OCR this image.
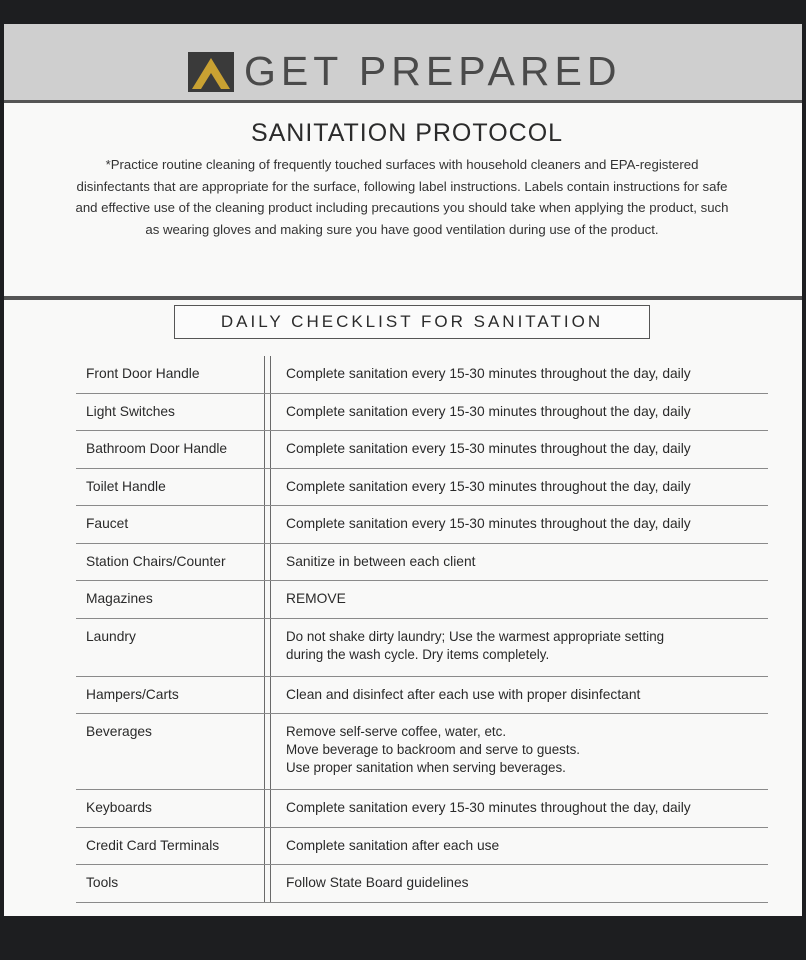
GET PREPARED
SANITATION PROTOCOL
*Practice routine cleaning of frequently touched surfaces with household cleaners and EPA-registered disinfectants that are appropriate for the surface, following label instructions. Labels contain instructions for safe and effective use of the cleaning product including precautions you should take when applying the product, such as wearing gloves and making sure you have good ventilation during use of the product.
DAILY CHECKLIST FOR SANITATION
Front Door Handle	Complete sanitation every 15-30 minutes throughout the day, daily
Light Switches	Complete sanitation every 15-30 minutes throughout the day, daily
Bathroom Door Handle	Complete sanitation every 15-30 minutes throughout the day, daily
Toilet Handle	Complete sanitation every 15-30 minutes throughout the day, daily
Faucet	Complete sanitation every 15-30 minutes throughout the day, daily
Station Chairs/Counter	Sanitize in between each client
Magazines	REMOVE
Laundry	Do not shake dirty laundry; Use the warmest appropriate setting
during the wash cycle. Dry items completely.
Hampers/Carts	Clean and disinfect after each use with proper disinfectant
Beverages	Remove self-serve coffee, water, etc.
Move beverage to backroom and serve to guests.
Use proper sanitation when serving beverages.
Keyboards	Complete sanitation every 15-30 minutes throughout the day, daily
Credit Card Terminals	Complete sanitation after each use
Tools	Follow State Board guidelines
